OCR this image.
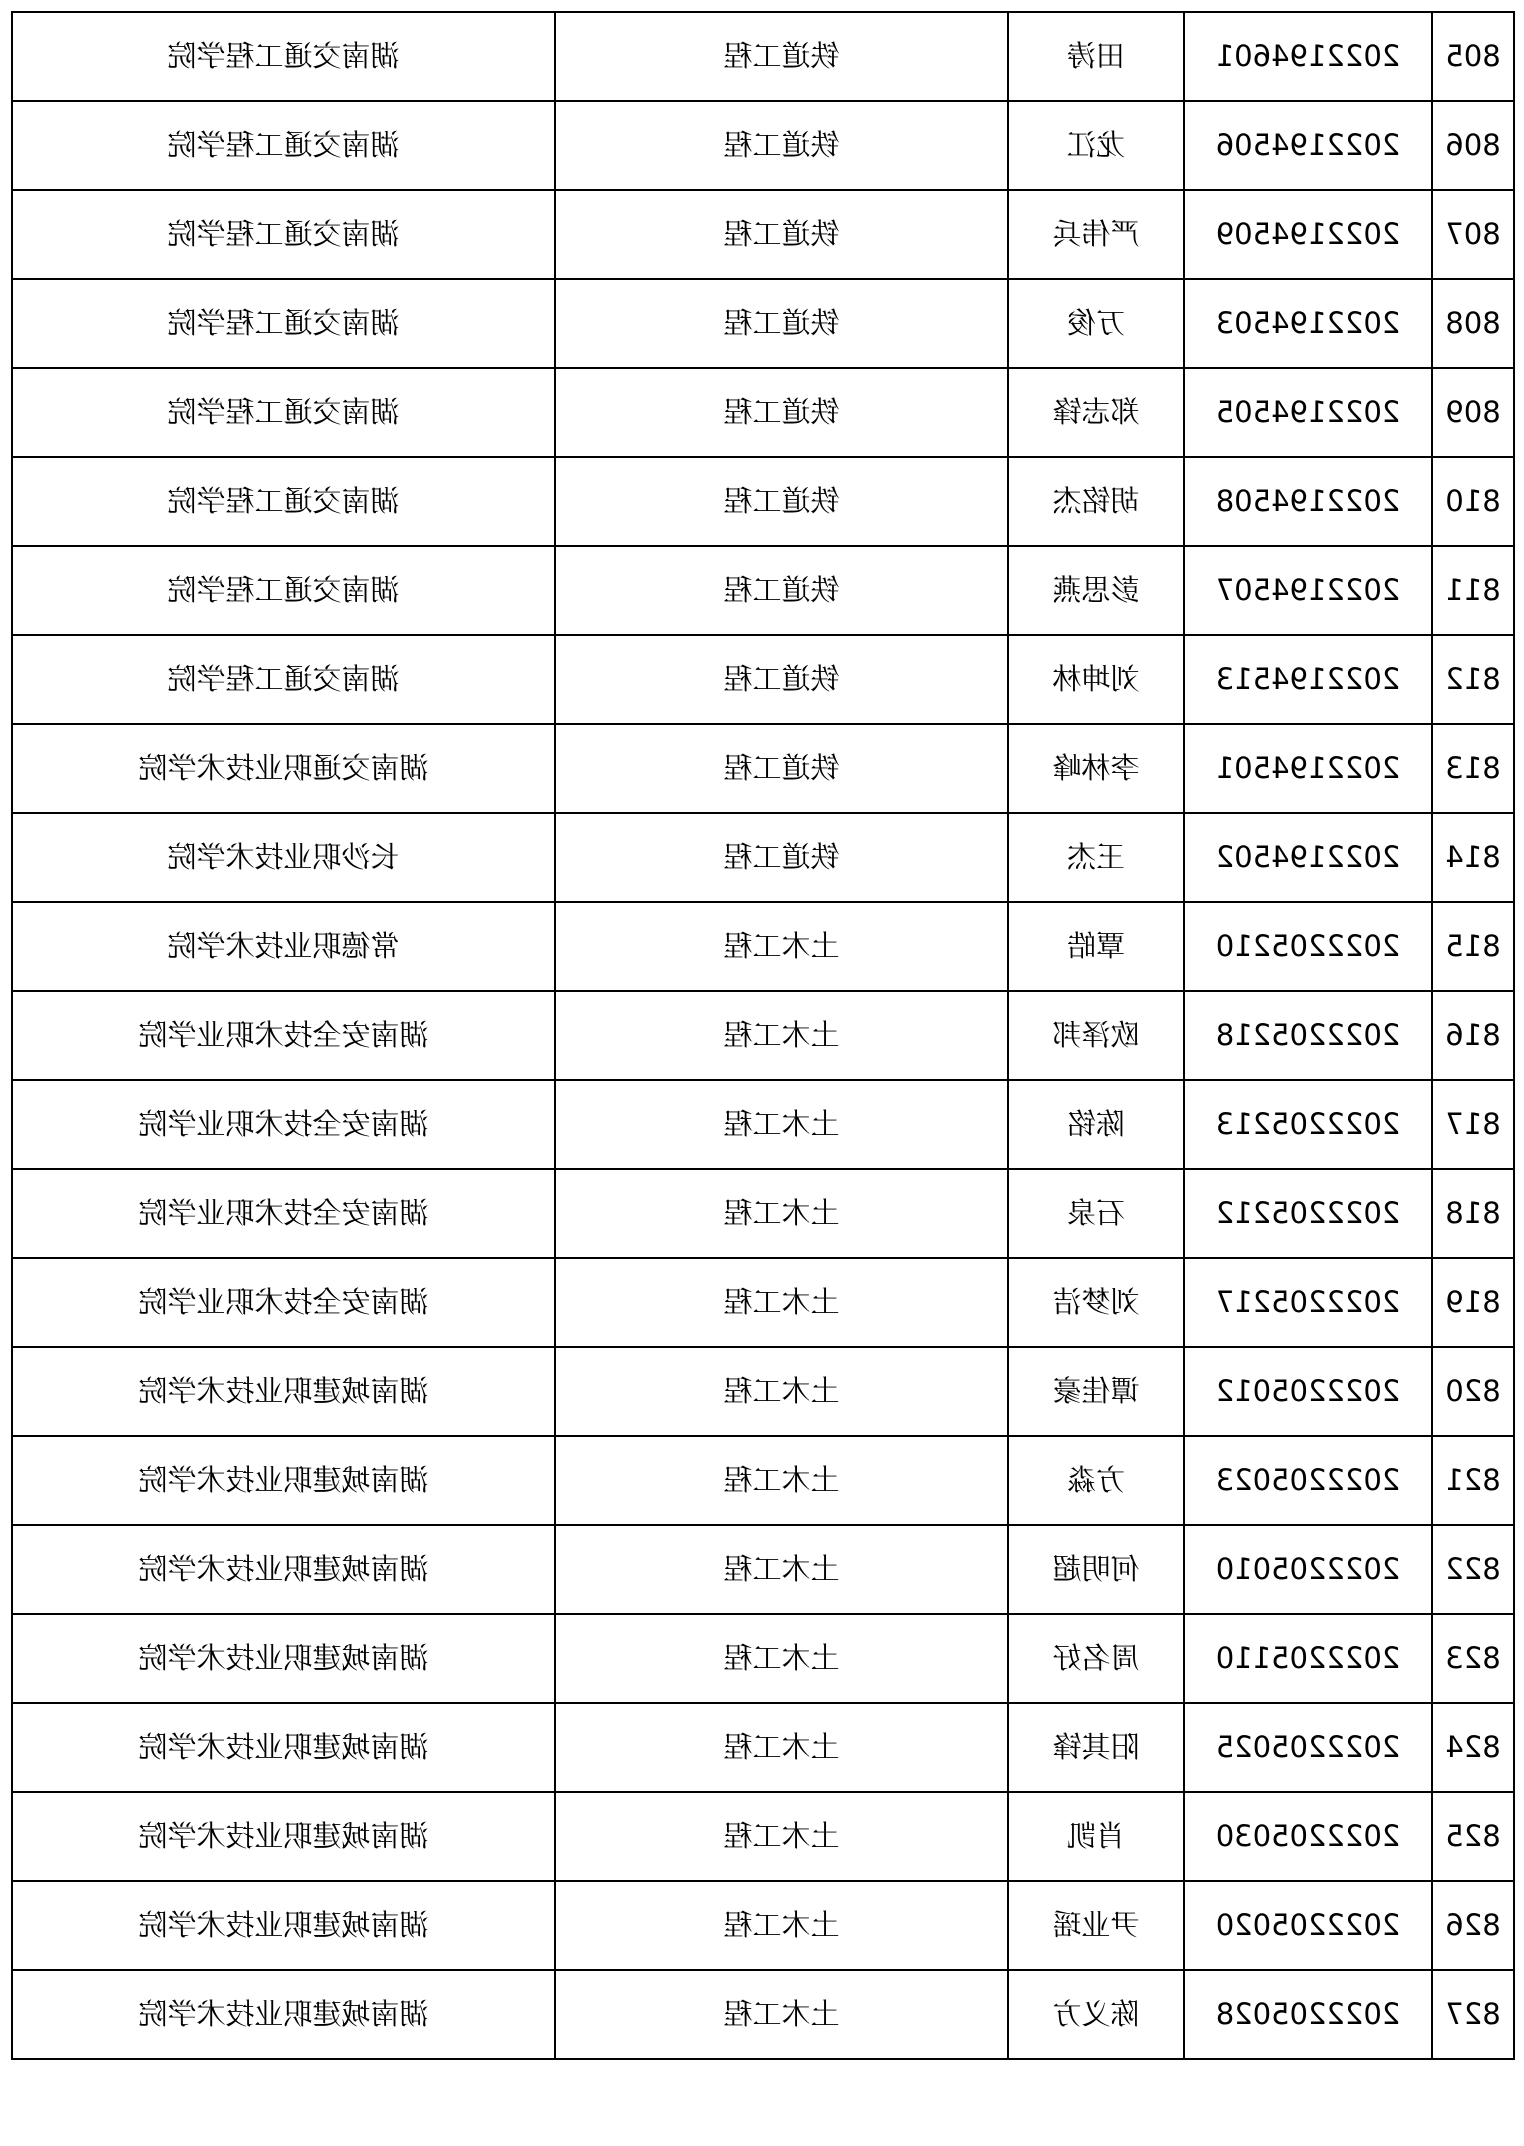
805	2022194601	田涛	铁道工程	湖南交通工程学院
806	2022194506	龙江	铁道工程	湖南交通工程学院
807	2022194509	严伟兵	铁道工程	湖南交通工程学院
808	2022194503	万俊	铁道工程	湖南交通工程学院
809	2022194505	郑志锋	铁道工程	湖南交通工程学院
810	2022194508	胡铭杰	铁道工程	湖南交通工程学院
811	2022194507	彭思燕	铁道工程	湖南交通工程学院
812	2022194513	刘坤林	铁道工程	湖南交通工程学院
813	2022194501	李林峰	铁道工程	湖南交通职业技术学院
814	2022194502	王杰	铁道工程	长沙职业技术学院
815	2022205210	覃皓	土木工程	常德职业技术学院
816	2022205218	欧泽邦	土木工程	湖南安全技术职业学院
817	2022205213	陈铭	土木工程	湖南安全技术职业学院
818	2022205212	石泉	土木工程	湖南安全技术职业学院
819	2022205217	刘梦洁	土木工程	湖南安全技术职业学院
820	2022205012	谭佳豪	土木工程	湖南城建职业技术学院
821	2022205023	方淼	土木工程	湖南城建职业技术学院
822	2022205010	何明超	土木工程	湖南城建职业技术学院
823	2022205110	周名好	土木工程	湖南城建职业技术学院
824	2022205025	阳其锋	土木工程	湖南城建职业技术学院
825	2022205030	肖凯	土木工程	湖南城建职业技术学院
826	2022205020	尹业瑶	土木工程	湖南城建职业技术学院
827	2022205028	陈义方	土木工程	湖南城建职业技术学院
